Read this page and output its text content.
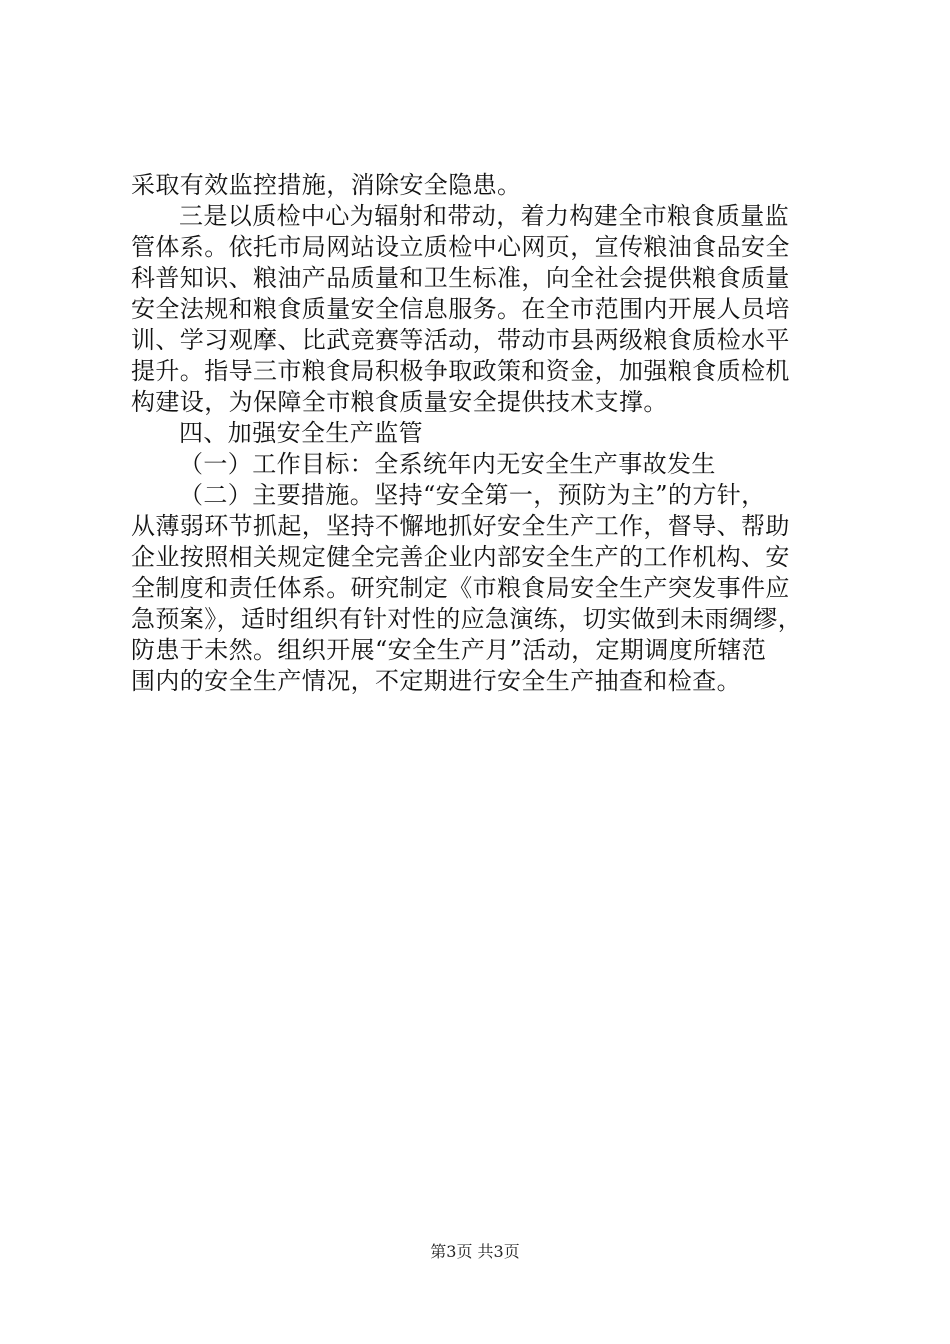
采取有效监控措施，消除安全隐患。
三是以质检中心为辐射和带动，着力构建全市粮食质量监
管体系。依托市局网站设立质检中心网页，宣传粮油食品安全
科普知识、粮油产品质量和卫生标准，向全社会提供粮食质量
安全法规和粮食质量安全信息服务。在全市范围内开展人员培
训、学习观摩、比武竞赛等活动，带动市县两级粮食质检水平
提升。指导三市粮食局积极争取政策和资金，加强粮食质检机
构建设，为保障全市粮食质量安全提供技术支撑。
四、加强安全生产监管
（一）工作目标：全系统年内无安全生产事故发生
（二）主要措施。坚持“安全第一，预防为主”的方针，
从薄弱环节抓起，坚持不懈地抓好安全生产工作，督导、帮助
企业按照相关规定健全完善企业内部安全生产的工作机构、安
全制度和责任体系。研究制定《市粮食局安全生产突发事件应
急预案》，适时组织有针对性的应急演练，切实做到未雨绸缪，
防患于未然。组织开展“安全生产月”活动，定期调度所辖范
围内的安全生产情况，不定期进行安全生产抽查和检查。
第3页 共3页
